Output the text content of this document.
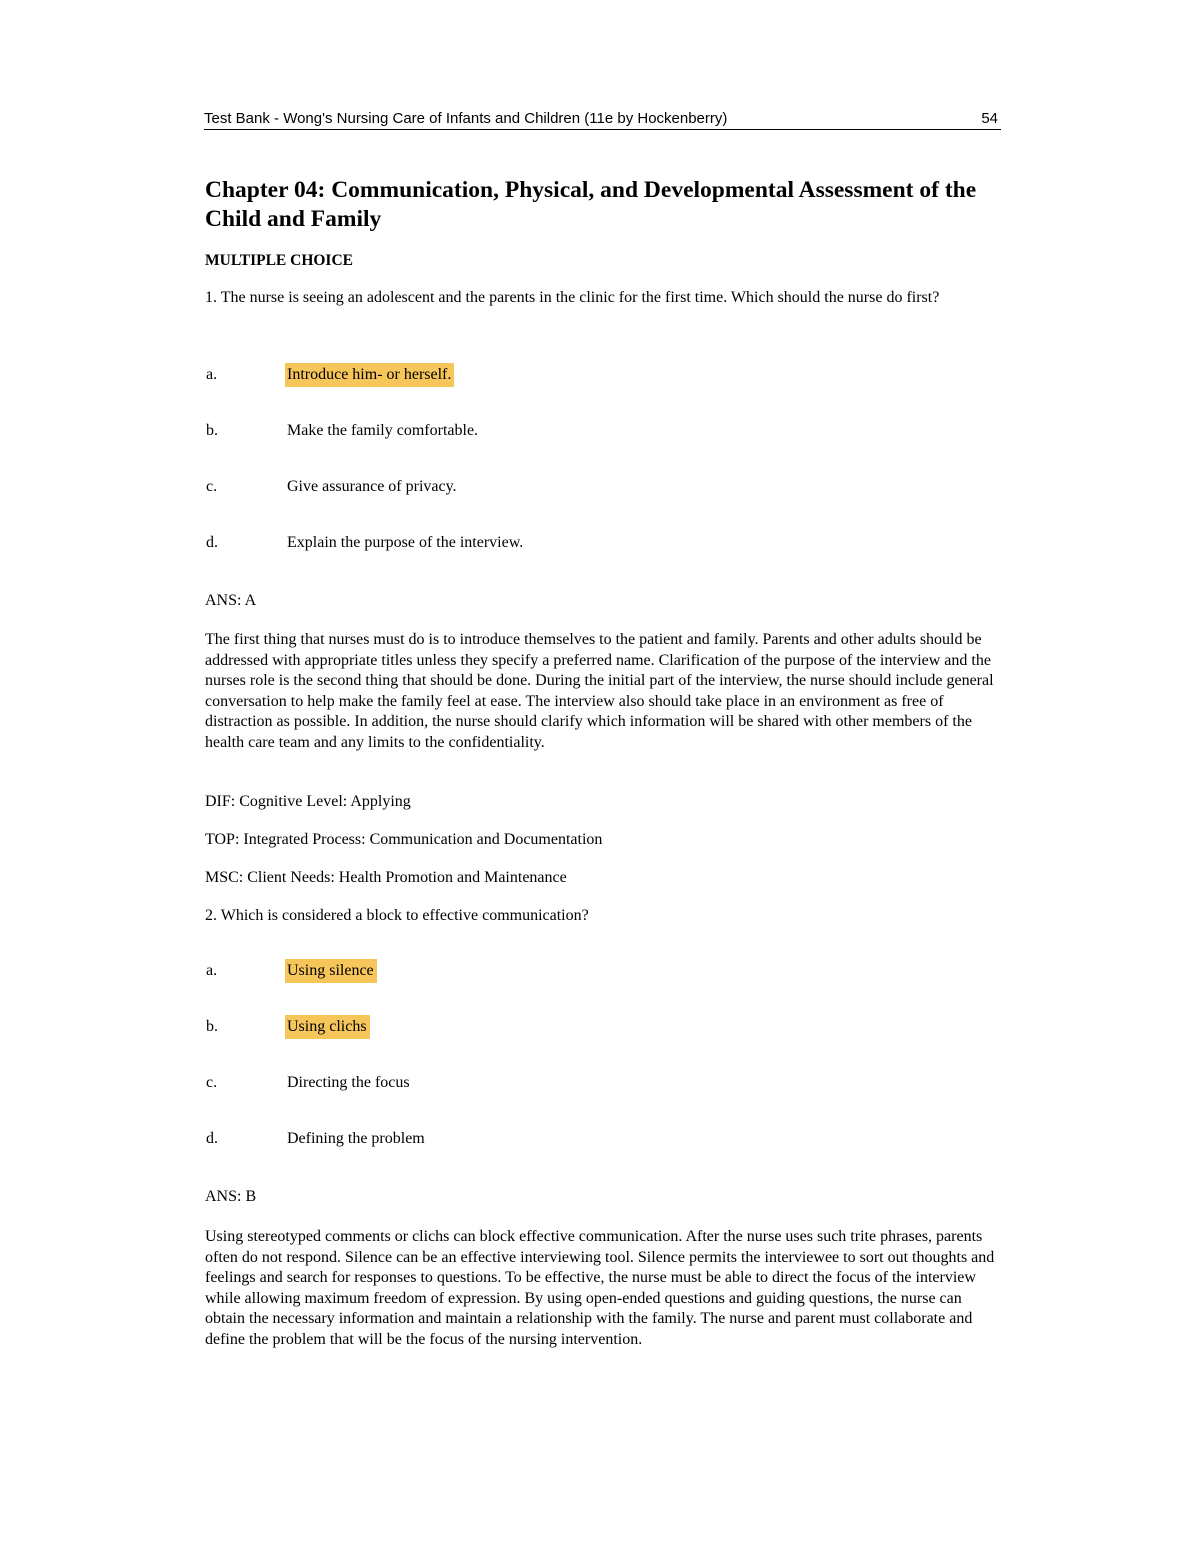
Test Bank - Wong's Nursing Care of Infants and Children (11e by Hockenberry)	54
Chapter 04: Communication, Physical, and Developmental Assessment of the Child and Family
MULTIPLE CHOICE

1. The nurse is seeing an adolescent and the parents in the clinic for the first time. Which should the nurse do first?

a.	Introduce him- or herself.
b.	Make the family comfortable.
c.	Give assurance of privacy.
d.	Explain the purpose of the interview.

ANS: A

The first thing that nurses must do is to introduce themselves to the patient and family. Parents and other adults should be addressed with appropriate titles unless they specify a preferred name. Clarification of the purpose of the interview and the nurses role is the second thing that should be done. During the initial part of the interview, the nurse should include general conversation to help make the family feel at ease. The interview also should take place in an environment as free of distraction as possible. In addition, the nurse should clarify which information will be shared with other members of the health care team and any limits to the confidentiality.

DIF: Cognitive Level: Applying

TOP: Integrated Process: Communication and Documentation

MSC: Client Needs: Health Promotion and Maintenance

2. Which is considered a block to effective communication?

a.	Using silence
b.	Using clichs
c.	Directing the focus
d.	Defining the problem

ANS: B

Using stereotyped comments or clichs can block effective communication. After the nurse uses such trite phrases, parents often do not respond. Silence can be an effective interviewing tool. Silence permits the interviewee to sort out thoughts and feelings and search for responses to questions. To be effective, the nurse must be able to direct the focus of the interview while allowing maximum freedom of expression. By using open-ended questions and guiding questions, the nurse can obtain the necessary information and maintain a relationship with the family. The nurse and parent must collaborate and define the problem that will be the focus of the nursing intervention.
